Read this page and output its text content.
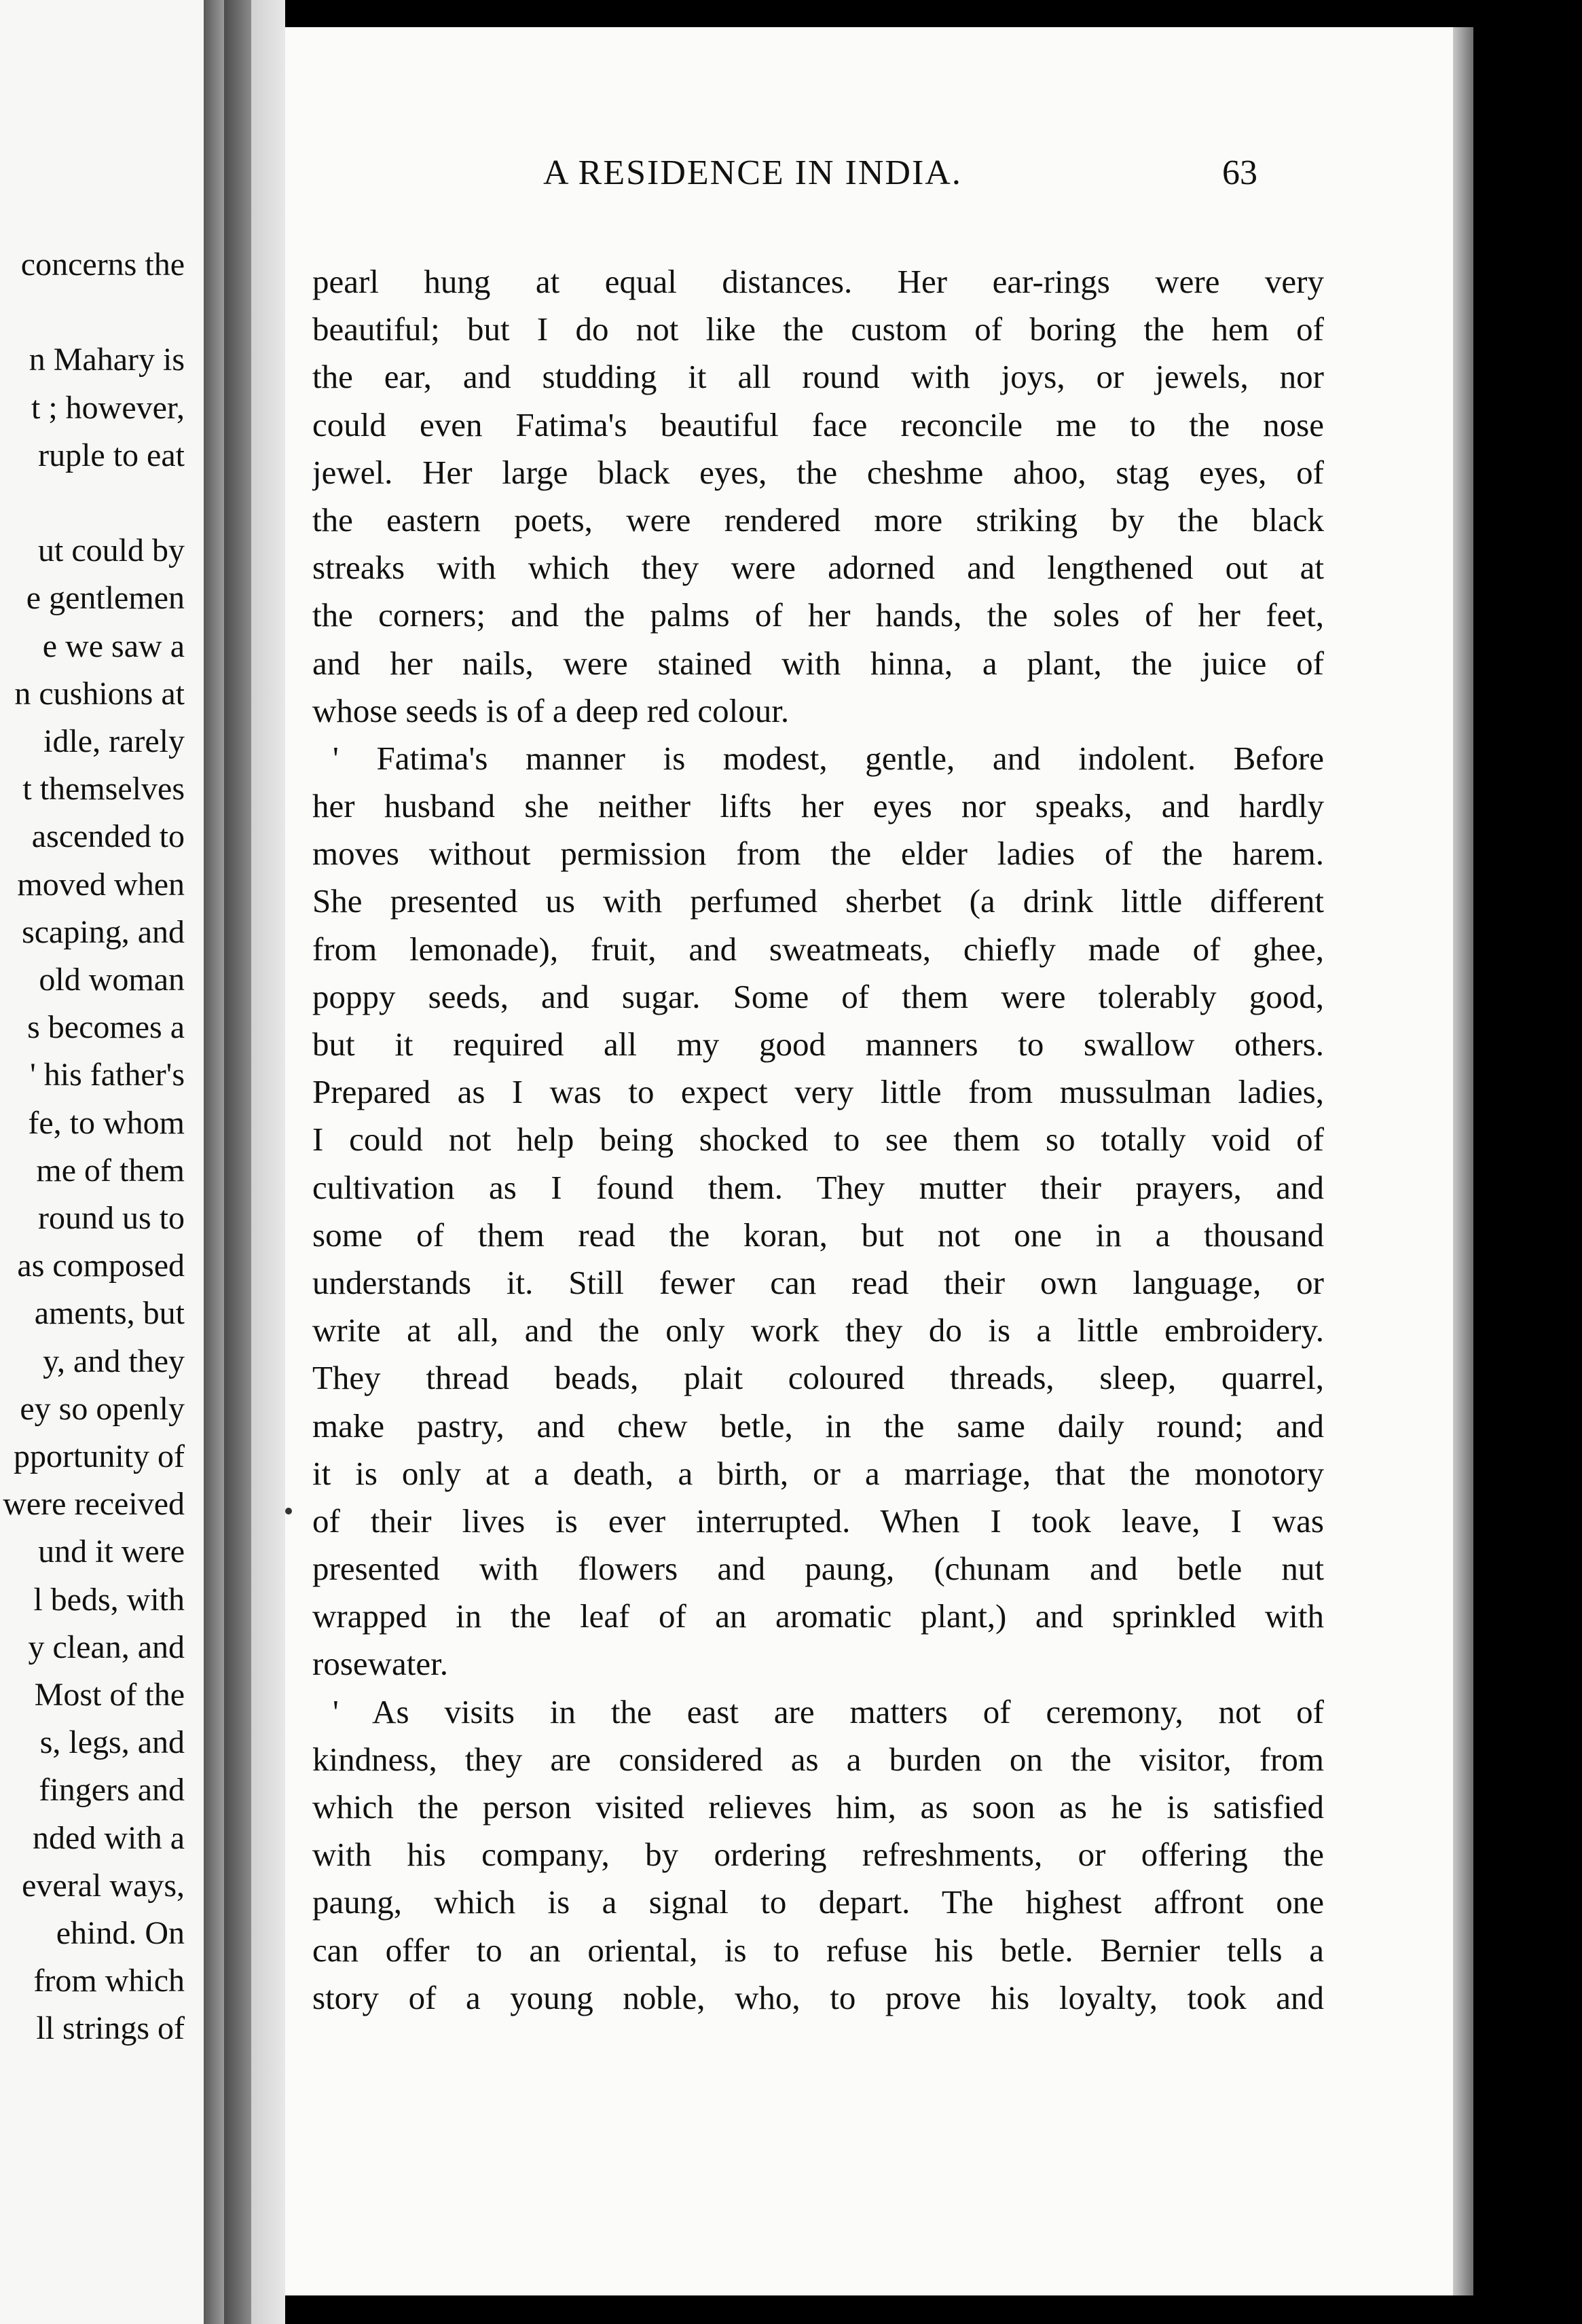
concerns the
n Mahary is
t ; however,
ruple to eat
ut could by
e gentlemen
e we saw a
n cushions at
idle, rarely
t themselves
ascended to
moved when
scaping, and
old woman
s becomes a
' his father's
fe, to whom
me of them
round us to
as composed
aments, but
y, and they
ey so openly
pportunity of
were received
und it were
l beds, with
y clean, and
Most of the
s, legs, and
fingers and
nded with a
everal ways,
ehind. On
from which
ll strings of
A RESIDENCE IN INDIA.	63
pearl hung at equal distances. Her ear-rings were very
beautiful; but I do not like the custom of boring the hem of
the ear, and studding it all round with joys, or jewels, nor
could even Fatima's beautiful face reconcile me to the nose
jewel. Her large black eyes, the cheshme ahoo, stag eyes, of
the eastern poets, were rendered more striking by the black
streaks with which they were adorned and lengthened out at
the corners; and the palms of her hands, the soles of her feet,
and her nails, were stained with hinna, a plant, the juice of
whose seeds is of a deep red colour.
' Fatima's manner is modest, gentle, and indolent. Before
her husband she neither lifts her eyes nor speaks, and hardly
moves without permission from the elder ladies of the harem.
She presented us with perfumed sherbet (a drink little different
from lemonade), fruit, and sweatmeats, chiefly made of ghee,
poppy seeds, and sugar. Some of them were tolerably good,
but it required all my good manners to swallow others.
Prepared as I was to expect very little from mussulman ladies,
I could not help being shocked to see them so totally void of
cultivation as I found them. They mutter their prayers, and
some of them read the koran, but not one in a thousand
understands it. Still fewer can read their own language, or
write at all, and the only work they do is a little embroidery.
They thread beads, plait coloured threads, sleep, quarrel,
make pastry, and chew betle, in the same daily round; and
it is only at a death, a birth, or a marriage, that the monotory
of their lives is ever interrupted. When I took leave, I was
presented with flowers and paung, (chunam and betle nut
wrapped in the leaf of an aromatic plant,) and sprinkled with
rosewater.
' As visits in the east are matters of ceremony, not of
kindness, they are considered as a burden on the visitor, from
which the person visited relieves him, as soon as he is satisfied
with his company, by ordering refreshments, or offering the
paung, which is a signal to depart. The highest affront one
can offer to an oriental, is to refuse his betle. Bernier tells a
story of a young noble, who, to prove his loyalty, took and
